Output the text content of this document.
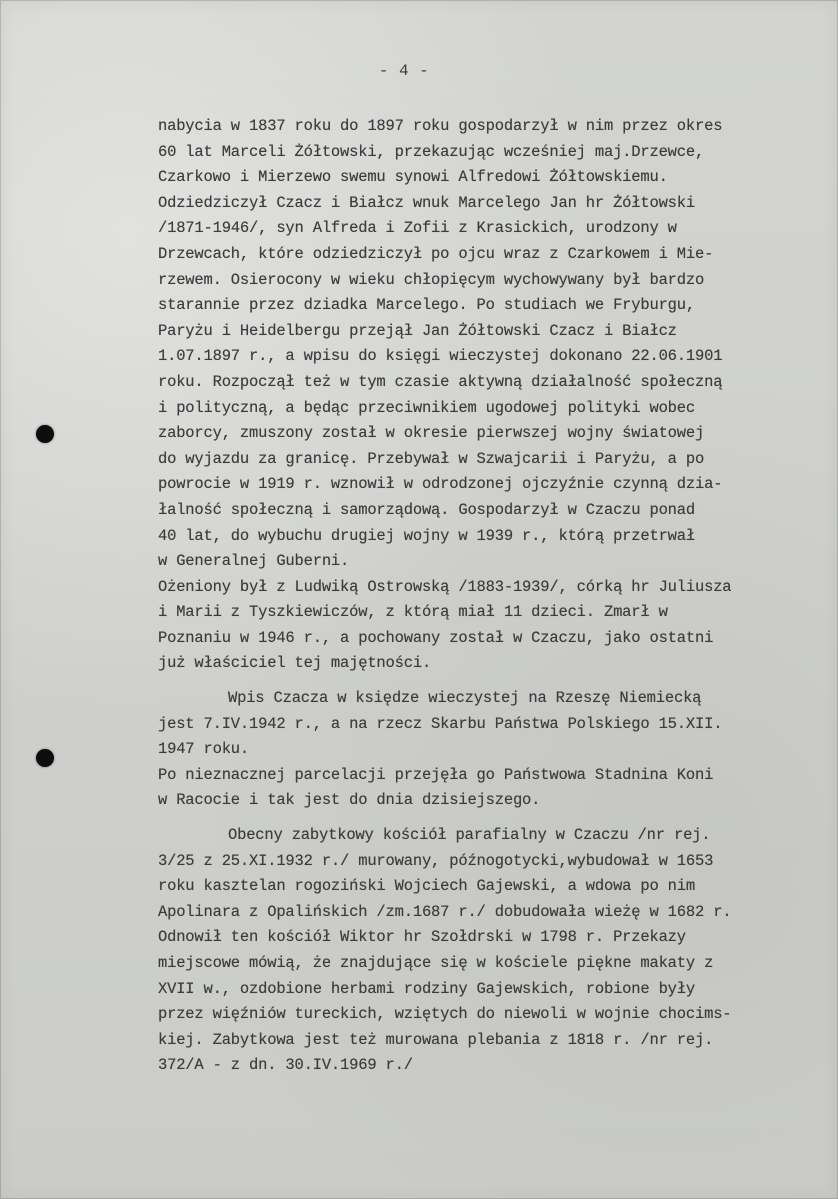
- 4 -
nabycia w 1837 roku do 1897 roku gospodarzył w nim przez okres
60 lat Marceli Żółtowski, przekazując wcześniej maj.Drzewce,
Czarkowo i Mierzewo swemu synowi Alfredowi Żółtowskiemu.
Odziedziczył Czacz i Białcz wnuk Marcelego Jan hr Żółtowski
/1871-1946/, syn Alfreda i Zofii z Krasickich, urodzony w
Drzewcach, które odziedziczył po ojcu wraz z Czarkowem i Mie-
rzewem. Osierocony w wieku chłopięcym wychowywany był bardzo
starannie przez dziadka Marcelego. Po studiach we Fryburgu,
Paryżu i Heidelbergu przejął Jan Żółtowski Czacz i Białcz
1.07.1897 r., a wpisu do księgi wieczystej dokonano 22.06.1901
roku. Rozpoczął też w tym czasie aktywną działalność społeczną
i polityczną, a będąc przeciwnikiem ugodowej polityki wobec
zaborcy, zmuszony został w okresie pierwszej wojny światowej
do wyjazdu za granicę. Przebywał w Szwajcarii i Paryżu, a po
powrocie w 1919 r. wznowił w odrodzonej ojczyźnie czynną dzia-
łalność społeczną i samorządową. Gospodarzył w Czaczu ponad
40 lat, do wybuchu drugiej wojny w 1939 r., którą przetrwał
w Generalnej Guberni.
Ożeniony był z Ludwiką Ostrowską /1883-1939/, córką hr Juliusza
i Marii z Tyszkiewiczów, z którą miał 11 dzieci. Zmarł w
Poznaniu w 1946 r., a pochowany został w Czaczu, jako ostatni
już właściciel tej majętności.
Wpis Czacza w księdze wieczystej na Rzeszę Niemiecką
jest 7.IV.1942 r., a na rzecz Skarbu Państwa Polskiego 15.XII.
1947 roku.
Po nieznacznej parcelacji przejęła go Państwowa Stadnina Koni
w Racocie i tak jest do dnia dzisiejszego.
Obecny zabytkowy kościół parafialny w Czaczu /nr rej.
3/25 z 25.XI.1932 r./ murowany, późnogotycki,wybudował w 1653
roku kasztelan rogoziński Wojciech Gajewski, a wdowa po nim
Apolinara z Opalińskich /zm.1687 r./ dobudowała wieżę w 1682 r.
Odnowił ten kościół Wiktor hr Szołdrski w 1798 r. Przekazy
miejscowe mówią, że znajdujące się w kościele piękne makaty z
XVII w., ozdobione herbami rodziny Gajewskich, robione były
przez więźniów tureckich, wziętych do niewoli w wojnie chocims-
kiej. Zabytkowa jest też murowana plebania z 1818 r. /nr rej.
372/A - z dn. 30.IV.1969 r./
